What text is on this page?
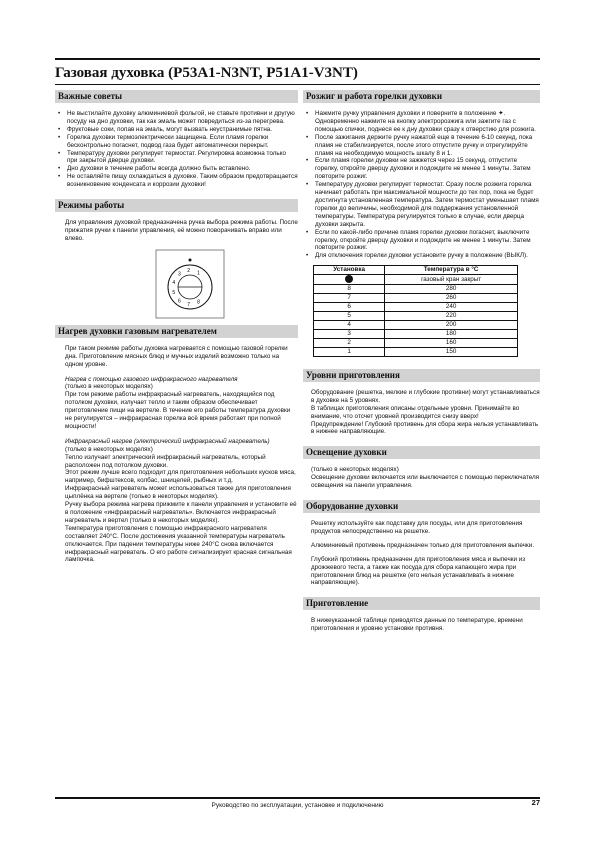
Газовая духовка (P53A1-N3NT, P51A1-V3NT)
Важные советы
• Не выстилайте духовку алюминиевой фольгой, не ставьте противни и другую посуду на дно духовки, так как эмаль может повредиться из-за перегрева.
• Фруктовые соки, попав на эмаль, могут вызвать неустранимые пятна.
• Горелка духовки термоэлектрически защищена. Если пламя горелки бесконтрольно погаснет, подвод газа будет автоматически перекрыт.
• Температуру духовки регулирует термостат. Регулировка возможна только при закрытой дверце духовки.
• Дно духовки в течение работы всегда должно быть вставлено.
• Не оставляйте пищу охлаждаться в духовке. Таким образом предотвращается возникновение конденсата и коррозии духовки!
Режимы работы

Для управления духовкой предназначена ручка выбора режима работы. После прижатия ручки к панели управления, её можно поворачивать вправо или влево.

8
7
6
5
4
3
2 1
Нагрев духовки газовым нагревателем

При таком режиме работы духовка нагревается с помощью газовой горелки дна. Приготовление мясных блюд и мучных изделий возможно только на одном уровне.

Нагрев с помощью газового инфракрасного нагревателя

(только в некоторых моделях)

При том режиме работы инфракрасный нагреватель, находящийся под потолком духовки, излучает тепло и таким образом обеспечивает приготовление пищи на вертеле. В течение его работы температура духовки не регулируется – инфракрасная горелка всё время работает при полной мощности!

Инфракрасный нагрев (электрический инфракрасный нагреватель)

(только в некоторых моделях)

Тепло излучает электрический инфракрасный нагреватель, который расположен под потолком духовки.

Этот режим лучше всего подходит для приготовления небольших кусков мяса, например, бифштексов, колбас, шницелей, рыбных и т.д.

Инфракрасный нагреватель может использоваться также для приготовления цыплёнка на вертеле (только в некоторых моделях).

Ручку выбора режима нагрева прижмите к панели управления и установите её в положение «инфракрасный нагреватель». Включается инфракрасный нагреватель и вертел (только в некоторых моделях).

Температура приготовления с помощью инфракрасного нагревателя составляет 240°C. После достижения указанной температуры нагреватель отключается. При падении температуры ниже 240°C снова включается инфракрасный нагреватель. О его работе сигнализирует красная сигнальная лампочка.

Розжиг и работа горелки духовки
• Нажмите ручку управления духовки и поверните в положение ✦. Одновременно нажмите на кнопку электророзжига или зажгите газ с помощью спички, поднеся ее к дну духовки сразу к отверстию для розжига.
• После зажигания держите ручку нажатой еще в течение 6-10 секунд, пока пламя не стабилизируется, после этого отпустите ручку и отрегулируйте пламя на необходимую мощность шкалу 8 и 1.
• Если пламя горелки духовки не зажжется через 15 секунд, отпустите горелку, откройте дверцу духовки и подождите не менее 1 минуты. Затем повторите розжиг.
• Температуру духовки регулирует термостат. Сразу после розжига горелка начинает работать при максимальной мощности до тех пор, пока не будет достигнута установленная температура. Затем термостат уменьшает пламя горелки до величины, необходимой для поддержания установленной температуры. Температура регулируется только в случае, если дверца духовки закрыта.
• Если по какой-либо причине пламя горелки духовки погаснет, выключите горелку, откройте дверцу духовки и подождите не менее 1 минуты. Затем повторите розжиг.
• Для отключения горелки духовки установите ручку в положение (ВЫКЛ).
Установка	Температура в °C
	газовый кран закрыт
8	280
7	260
6	240
5	220
4	200
3	180
2	160
1	150
Уровни приготовления

Оборудование (решетка, мелкие и глубокие противни) могут устанавливаться в духовке на 5 уровнях.

В таблицах приготовления описаны отдельные уровни. Принимайте во внимание, что отсчет уровней производится снизу вверх!

Предупреждение! Глубокий противень для сбора жира нельзя устанавливать в нижнее направляющие.

Освещение духовки

(только в некоторых моделях)

Освещение духовки включается или выключается с помощью переключателя освещения на панели управления.

Оборудование духовки

Решетку используйте как подставку для посуды, или для приготовления продуктов непосредственно на решетке.

Алюминиевый противень предназначен только для приготовления выпечки.

Глубокий противень предназначен для приготовления мяса и выпечки из дрожжевого теста, а также как посуда для сбора капающего жира при приготовлении блюд на решетке (его нельзя устанавливать в нижние направляющие).

Приготовление

В нижеуказанной таблице приводятся данные по температуре, времени приготовления и уровню установки противня.

Руководство по эксплуатации, установке и подключению	27
